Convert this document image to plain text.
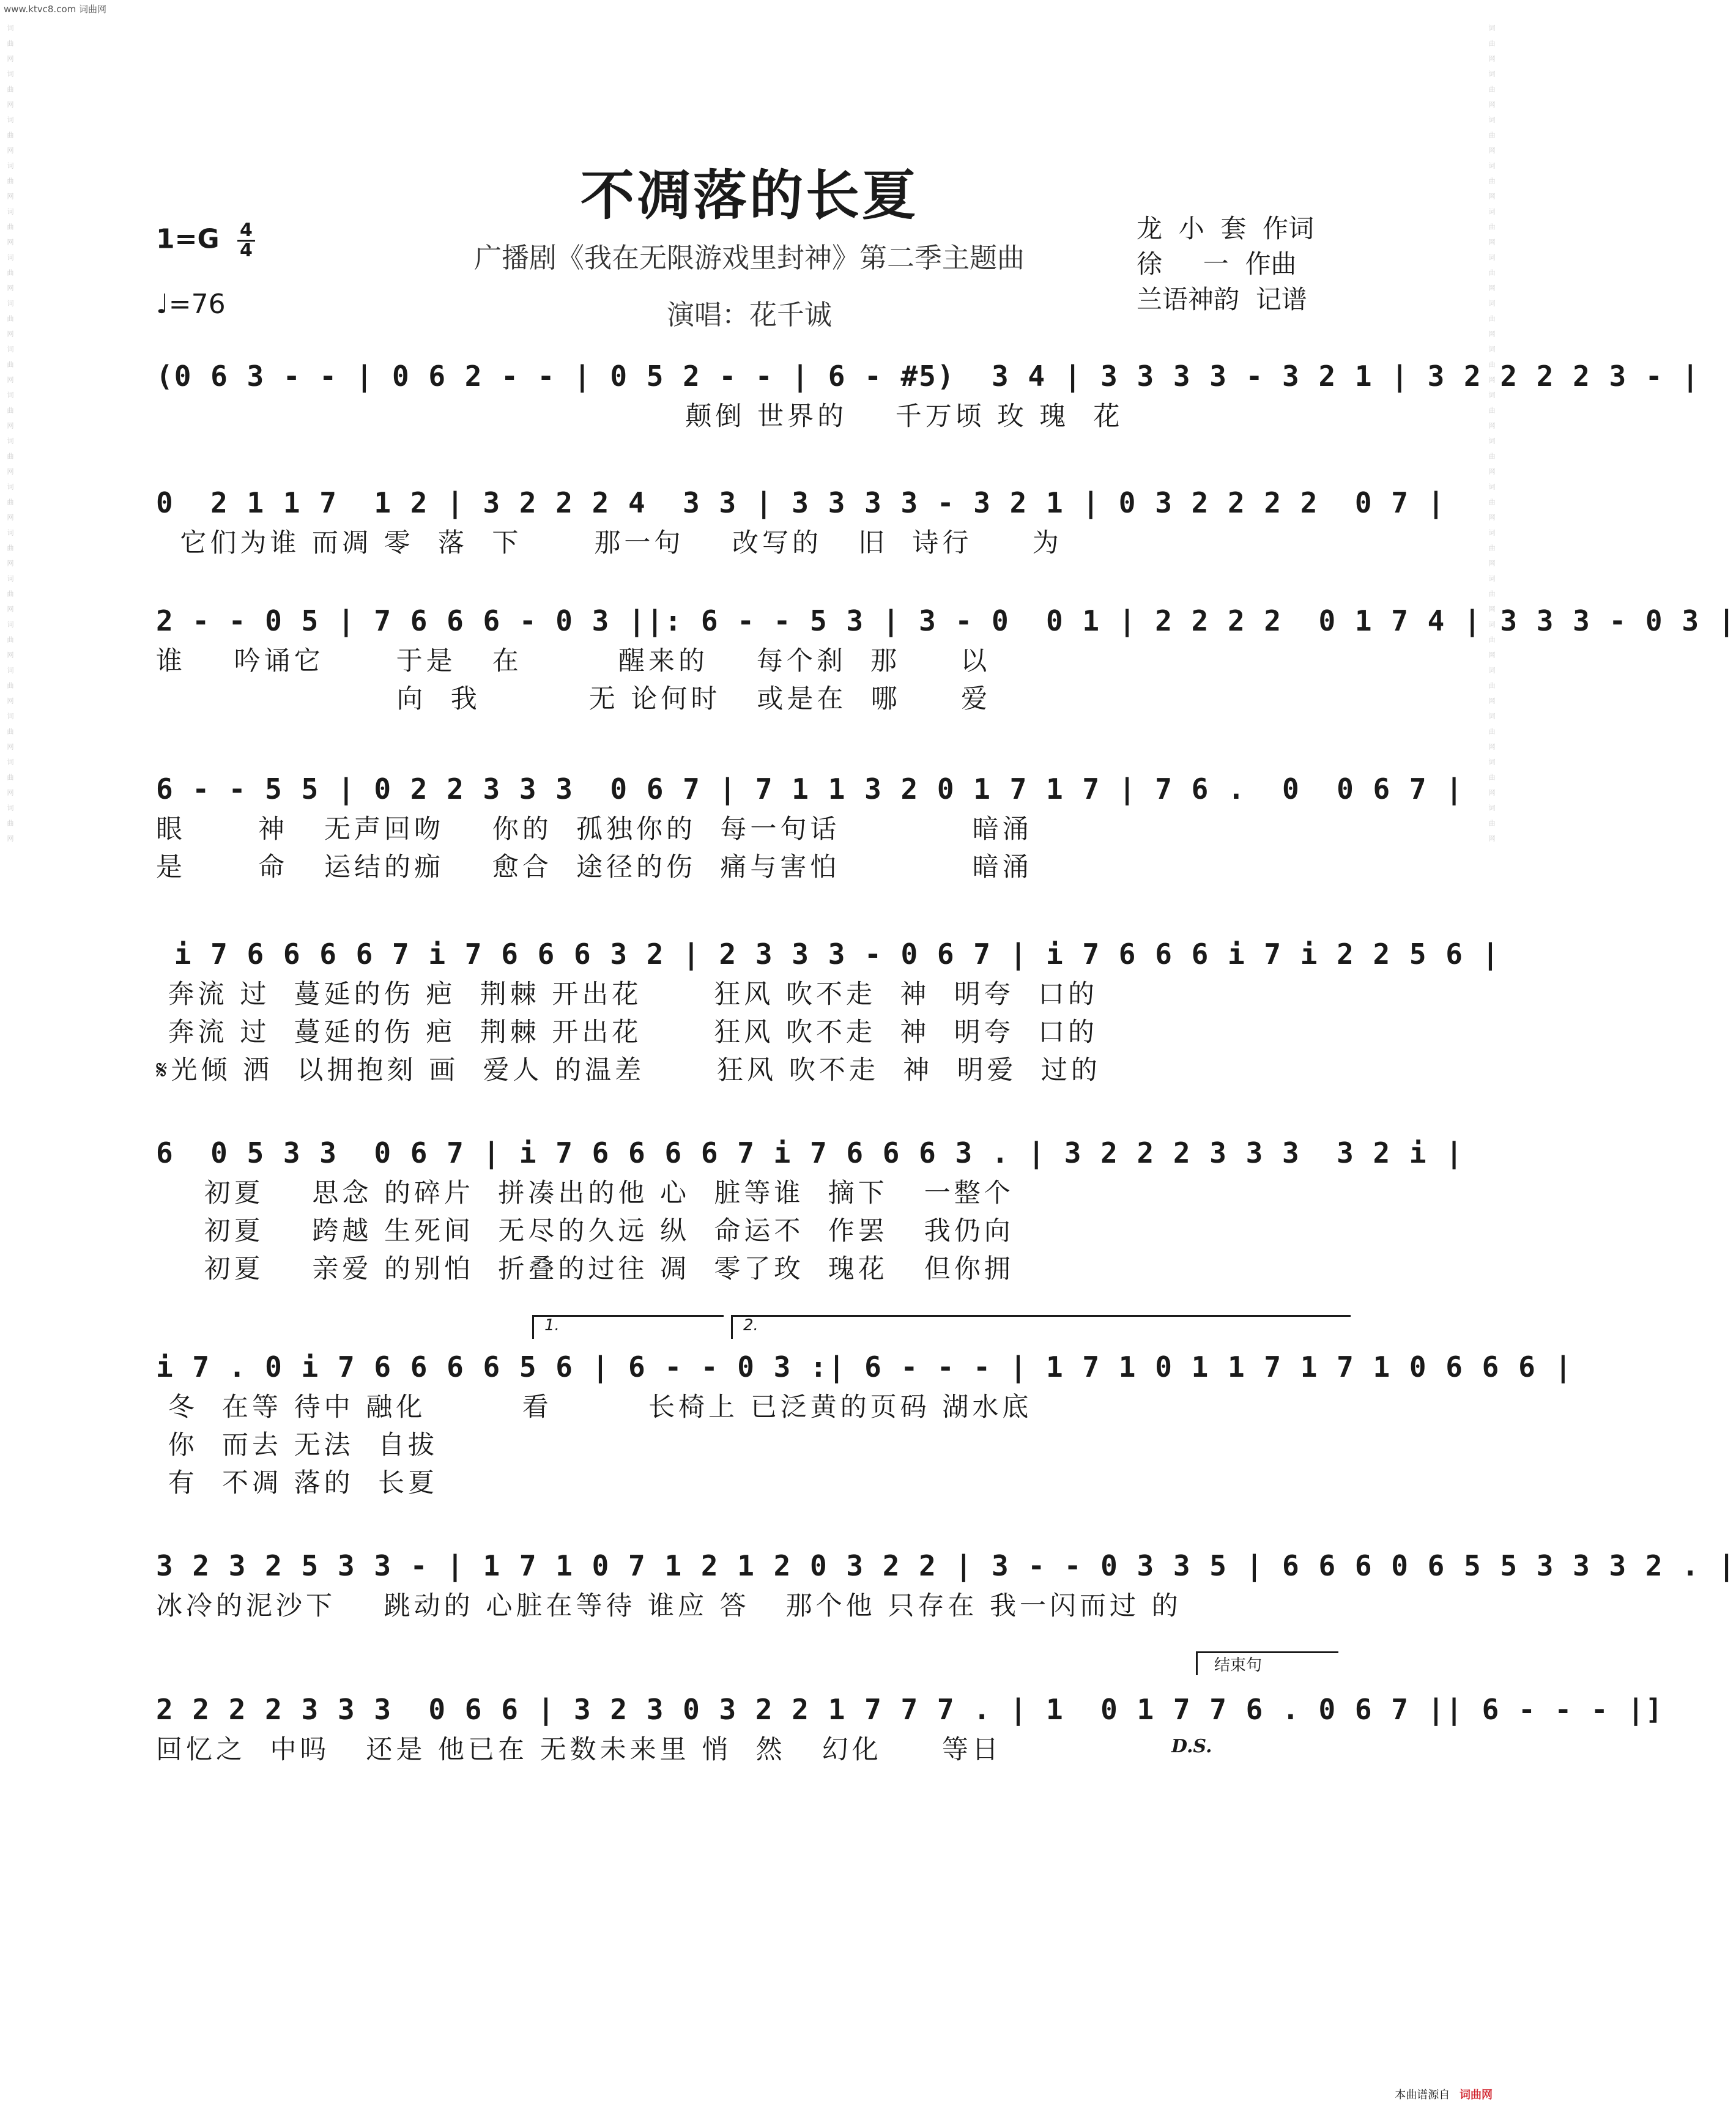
www.ktvc8.com 词曲网
词曲网词曲网词曲网词曲网词曲网词曲网词曲网词曲网词曲网词曲网词曲网词曲网词曲网词曲网词曲网词曲网词曲网词曲网	词曲网词曲网词曲网词曲网词曲网词曲网词曲网词曲网词曲网词曲网词曲网词曲网词曲网词曲网词曲网词曲网词曲网词曲网
不凋落的长夏
广播剧《我在无限游戏里封神》第二季主题曲
演唱：花千诚
$1=G \frac{4}{4}$
♩=76
龙  小  套  作词
徐     一  作曲
兰语神韵  记谱
(0 6 3 - - | 0 6 2 - - | 0 5 2 - - | 6 - #5)  3 4 | 3 3 3 3 - 3 2 1 | 3 2 2 2 2 3 - |
颠倒 世界的    千万顷 玫 瑰  花
0  2 1 1 7  1 2 | 3 2 2 2 4  3 3 | 3 3 3 3 - 3 2 1 | 0 3 2 2 2 2  0 7 |
它们为谁 而凋 零  落  下      那一句    改写的   旧  诗行     为
2 - - 0 5 | 7 6 6 6 - 0 3 ||: 6 - - 5 3 | 3 - 0  0 1 | 2 2 2 2  0 1 7 4 | 3 3 3 - 0 3 |
谁    吟诵它      于是   在        醒来的    每个刹  那     以
向  我         无 论何时   或是在  哪     爱
6 - - 5 5 | 0 2 2 3 3 3  0 6 7 | 7 1 1 3 2 0 1 7 1 7 | 7 6 .  0  0 6 7 |
眼      神   无声回吻    你的  孤独你的  每一句话           暗涌
是      命   运结的痂    愈合  途径的伤  痛与害怕           暗涌
i 7 6 6 6 6 7 i 7 6 6 6 3 2 | 2 3 3 3 - 0 6 7 | i 7 6 6 6 i 7 i 2 2 5 6 |
奔流 过  蔓延的伤 疤  荆棘 开出花      狂风 吹不走  神  明夸  口的
奔流 过  蔓延的伤 疤  荆棘 开出花      狂风 吹不走  神  明夸  口的
𝄋光倾 洒  以拥抱刻 画  爱人 的温差      狂风 吹不走  神  明爱  过的
6  0 5 3 3  0 6 7 | i 7 6 6 6 6 7 i 7 6 6 6 3 . | 3 2 2 2 3 3 3  3 2 i |
初夏    思念 的碎片  拼凑出的他 心  脏等谁  摘下   一整个
初夏    跨越 生死间  无尽的久远 纵  命运不  作罢   我仍向
初夏    亲爱 的别怕  折叠的过往 凋  零了玫  瑰花   但你拥
1.	2.
i 7 . 0 i 7 6 6 6 6 5 6 | 6 - - 0 3 :| 6 - - - | 1 7 1 0 1 1 7 1 7 1 0 6 6 6 |
冬  在等 待中 融化        看        长椅上 已泛黄的页码 湖水底
你  而去 无法  自拔
有  不凋 落的  长夏
3 2 3 2 5 3 3 - | 1 7 1 0 7 1 2 1 2 0 3 2 2 | 3 - - 0 3 3 5 | 6 6 6 0 6 5 5 3 3 3 2 . |
冰冷的泥沙下    跳动的 心脏在等待 谁应 答   那个他 只存在 我一闪而过 的
结束句
2 2 2 2 3 3 3  0 6 6 | 3 2 3 0 3 2 2 1 7 7 7 . | 1  0 1 7 7 6 . 0 6 7 || 6 - - - |]
回忆之  中吗   还是 他已在 无数未来里 悄  然   幻化     等日	D.S.
本曲谱源自 词曲网
